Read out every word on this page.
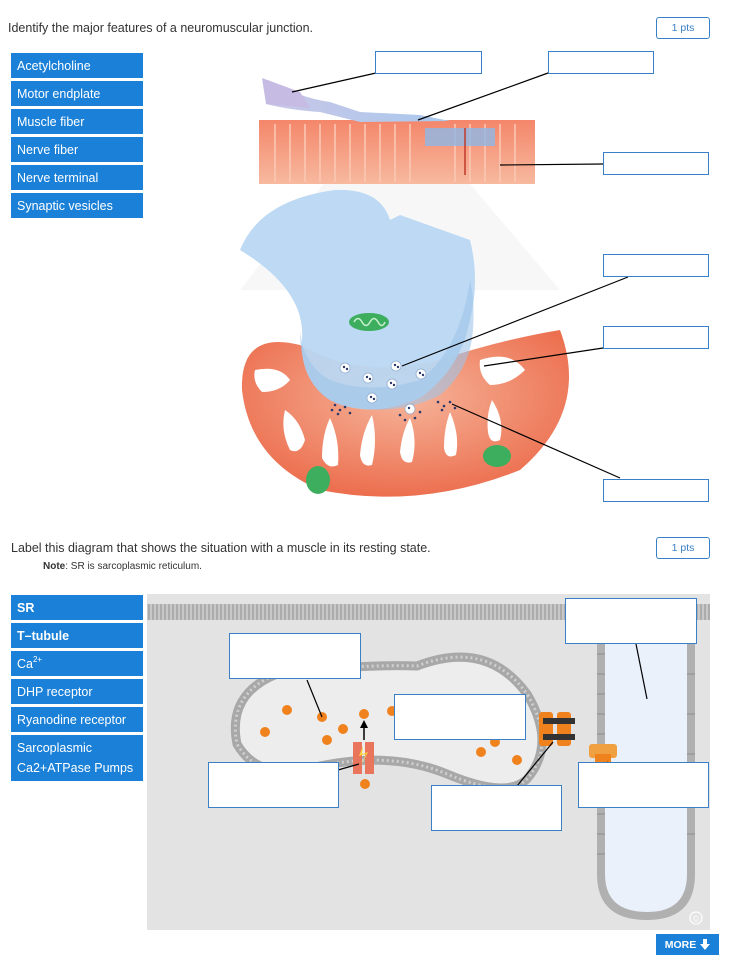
Identify the major features of a neuromuscular junction.	1 pts
Acetylcholine
Motor endplate
Muscle fiber
Nerve fiber
Nerve terminal
Synaptic vesicles
Label this diagram that shows the situation with a muscle in its resting state.
Note: SR is sarcoplasmic reticulum.
1 pts
SR
T–tubule
$Ca^{2+}$
DHP receptor
Ryanodine receptor
Sarcoplasmic
Ca2+ATPase Pumps
©
MORE
